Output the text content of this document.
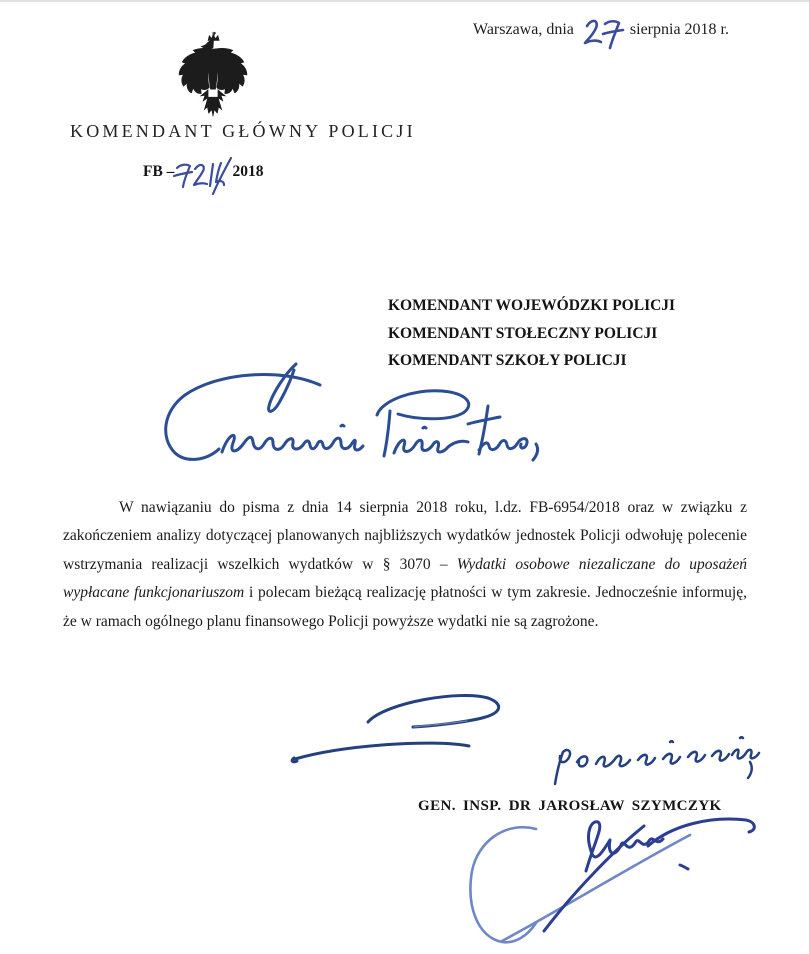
Warszawa, dnia	sierpnia 2018 r.
KOMENDANT GŁÓWNY POLICJI
FB –	2018
KOMENDANT WOJEWÓDZKI POLICJI
KOMENDANT STOŁECZNY POLICJI
KOMENDANT SZKOŁY POLICJI

W nawiązaniu do pisma z dnia 14 sierpnia 2018 roku, l.dz. FB-6954/2018 oraz w związku z zakończeniem analizy dotyczącej planowanych najbliższych wydatków jednostek Policji odwołuję polecenie wstrzymania realizacji wszelkich wydatków w § 3070 – Wydatki osobowe niezaliczane do uposażeń wypłacane funkcjonariuszom i polecam bieżącą realizację płatności w tym zakresie. Jednocześnie informuję, że w ramach ogólnego planu finansowego Policji powyższe wydatki nie są zagrożone.

GEN. INSP. DR JAROSŁAW SZYMCZYK
